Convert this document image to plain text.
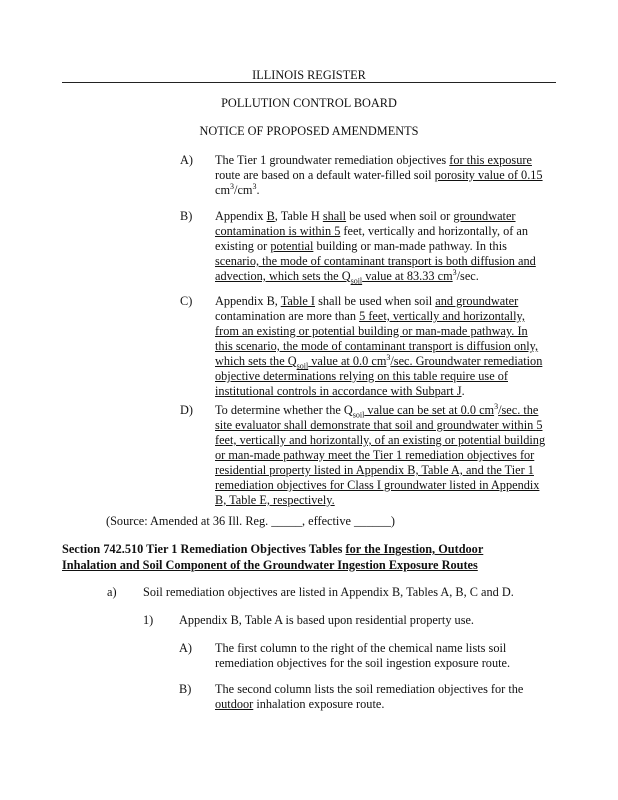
ILLINOIS REGISTER
POLLUTION CONTROL BOARD
NOTICE OF PROPOSED AMENDMENTS
A) The Tier 1 groundwater remediation objectives for this exposure
route are based on a default water-filled soil porosity value of 0.15
$cm^3/cm^3$.
B) Appendix B, Table H shall be used when soil or groundwater
contamination is within 5 feet, vertically and horizontally, of an
existing or potential building or man-made pathway. In this
scenario, the mode of contaminant transport is both diffusion and
advection, which sets the $Q_{soil}$ value at 83.33 $cm^3/\sec$.
C) Appendix B, Table I shall be used when soil and groundwater
contamination are more than 5 feet, vertically and horizontally,
from an existing or potential building or man-made pathway. In
this scenario, the mode of contaminant transport is diffusion only,
which sets the $Q_{soil}$ value at 0.0 $cm^3/\sec$. Groundwater remediation
objective determinations relying on this table require use of
institutional controls in accordance with Subpart J.
D) To determine whether the $Q_{soil}$ value can be set at 0.0 $cm^3/\sec$. the
site evaluator shall demonstrate that soil and groundwater within 5
feet, vertically and horizontally, of an existing or potential building
or man-made pathway meet the Tier 1 remediation objectives for
residential property listed in Appendix B, Table A, and the Tier 1
remediation objectives for Class I groundwater listed in Appendix
B, Table E, respectively.
(Source: Amended at 36 Ill. Reg. _____, effective ______)
Section 742.510 Tier 1 Remediation Objectives Tables for the Ingestion, Outdoor
Inhalation and Soil Component of the Groundwater Ingestion Exposure Routes
a) Soil remediation objectives are listed in Appendix B, Tables A, B, C and D.
1) Appendix B, Table A is based upon residential property use.
A) The first column to the right of the chemical name lists soil
remediation objectives for the soil ingestion exposure route.
B) The second column lists the soil remediation objectives for the
outdoor inhalation exposure route.
